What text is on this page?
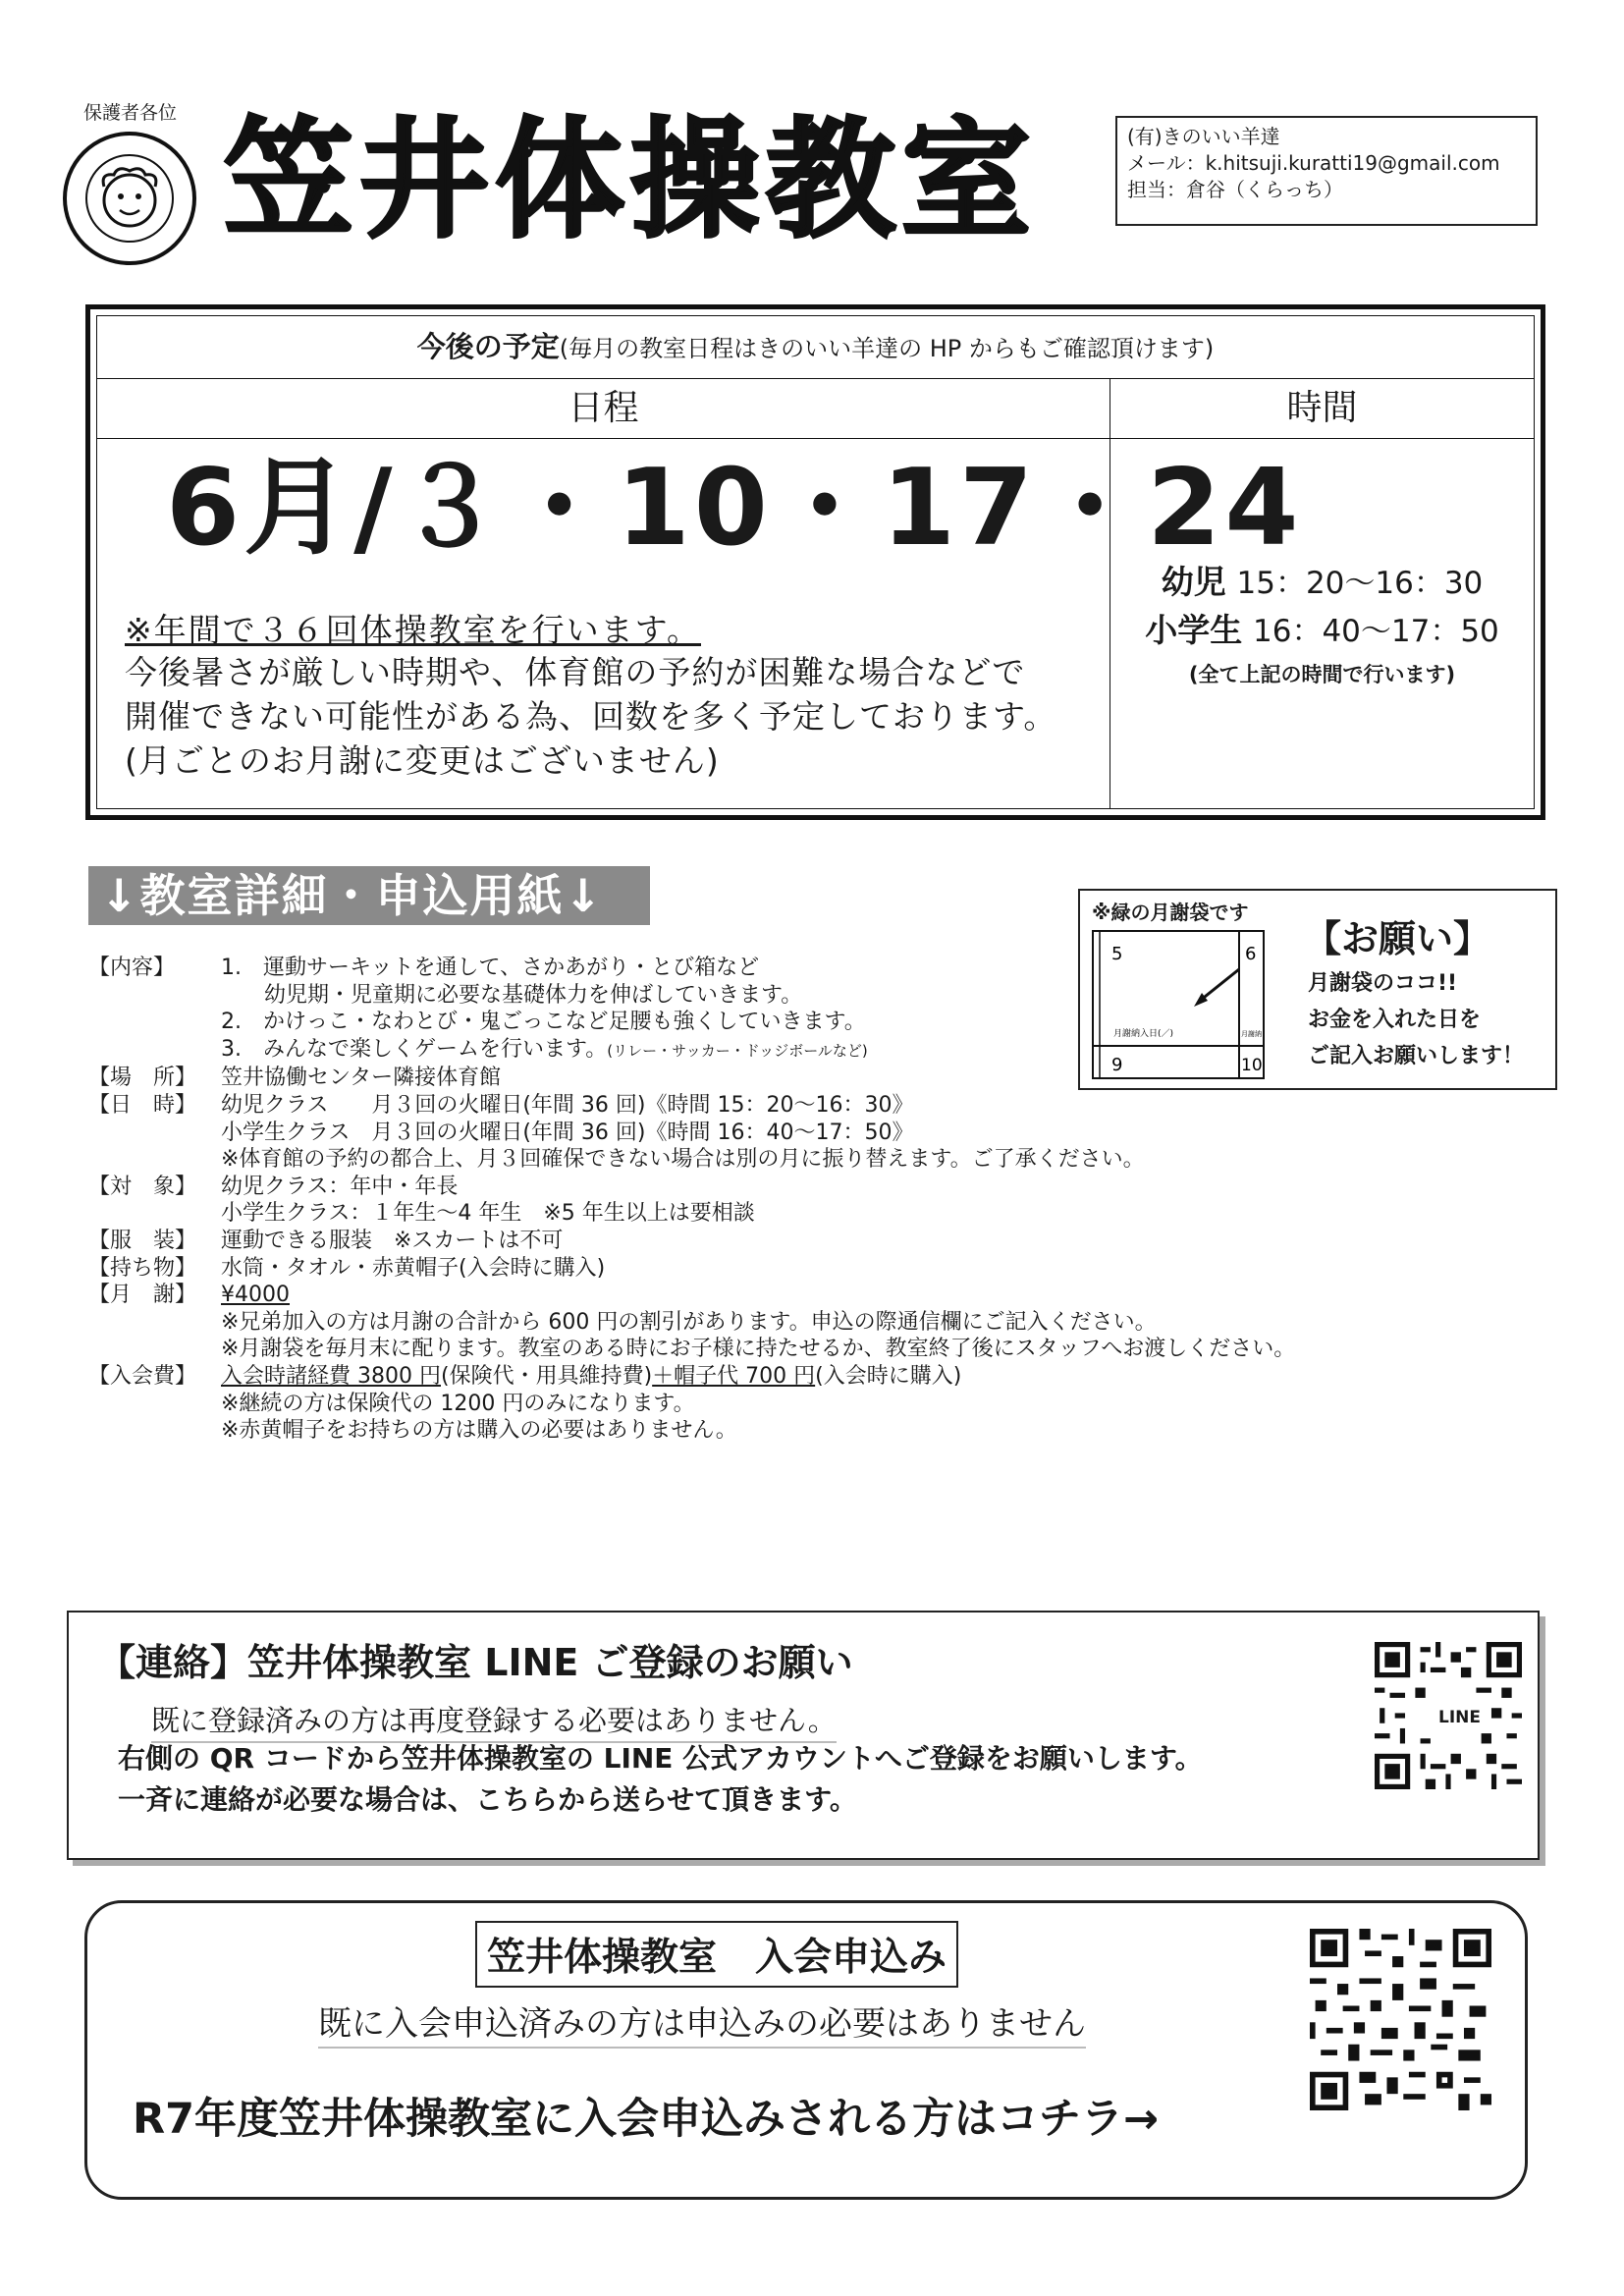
保護者各位 笠井体操教室	(有)きのいい羊達
メール：k.hitsuji.kuratti19@gmail.com
担当：倉谷（くらっち）
今後の予定(毎月の教室日程はきのいい羊達の HP からもご確認頂けます)
日程	時間
6月/３・10・17・24
※年間で３６回体操教室を行います。
今後暑さが厳しい時期や、体育館の予約が困難な場合などで
開催できない可能性がある為、回数を多く予定しております。
(月ごとのお月謝に変更はございません)
幼児 15：20〜16：30
小学生 16：40〜17：50
(全て上記の時間で行います)
↓教室詳細・申込用紙↓	※緑の月謝袋です
5	6
9	10
月謝納入日(／)	月謝納
【お願い】
月謝袋のココ!!
お金を入れた日を
ご記入お願いします！
【内容】	1.　運動サーキットを通して、さかあがり・とび箱など
　　幼児期・児童期に必要な基礎体力を伸ばしていきます。
2.　かけっこ・なわとび・鬼ごっこなど足腰も強くしていきます。
3.　みんなで楽しくゲームを行います。(リレー・サッカー・ドッジボールなど)
【場　所】	笠井協働センター隣接体育館
【日　時】	幼児クラス　　月３回の火曜日(年間 36 回)《時間 15：20〜16：30》
小学生クラス　月３回の火曜日(年間 36 回)《時間 16：40〜17：50》
※体育館の予約の都合上、月３回確保できない場合は別の月に振り替えます。ご了承ください。
【対　象】	幼児クラス：年中・年長
小学生クラス：１年生〜4 年生　※5 年生以上は要相談
【服　装】	運動できる服装　※スカートは不可
【持ち物】	水筒・タオル・赤黄帽子(入会時に購入)
【月　謝】	¥4000
※兄弟加入の方は月謝の合計から 600 円の割引があります。申込の際通信欄にご記入ください。
※月謝袋を毎月末に配ります。教室のある時にお子様に持たせるか、教室終了後にスタッフへお渡しください。
【入会費】	入会時諸経費 3800 円(保険代・用具維持費)＋帽子代 700 円(入会時に購入)
※継続の方は保険代の 1200 円のみになります。
※赤黄帽子をお持ちの方は購入の必要はありません。
【連絡】笠井体操教室 LINE ご登録のお願い
既に登録済みの方は再度登録する必要はありません。
右側の QR コードから笠井体操教室の LINE 公式アカウントへご登録をお願いします。
一斉に連絡が必要な場合は、こちらから送らせて頂きます。
LINE
笠井体操教室　入会申込み
既に入会申込済みの方は申込みの必要はありません
R7年度笠井体操教室に入会申込みされる方はコチラ→
